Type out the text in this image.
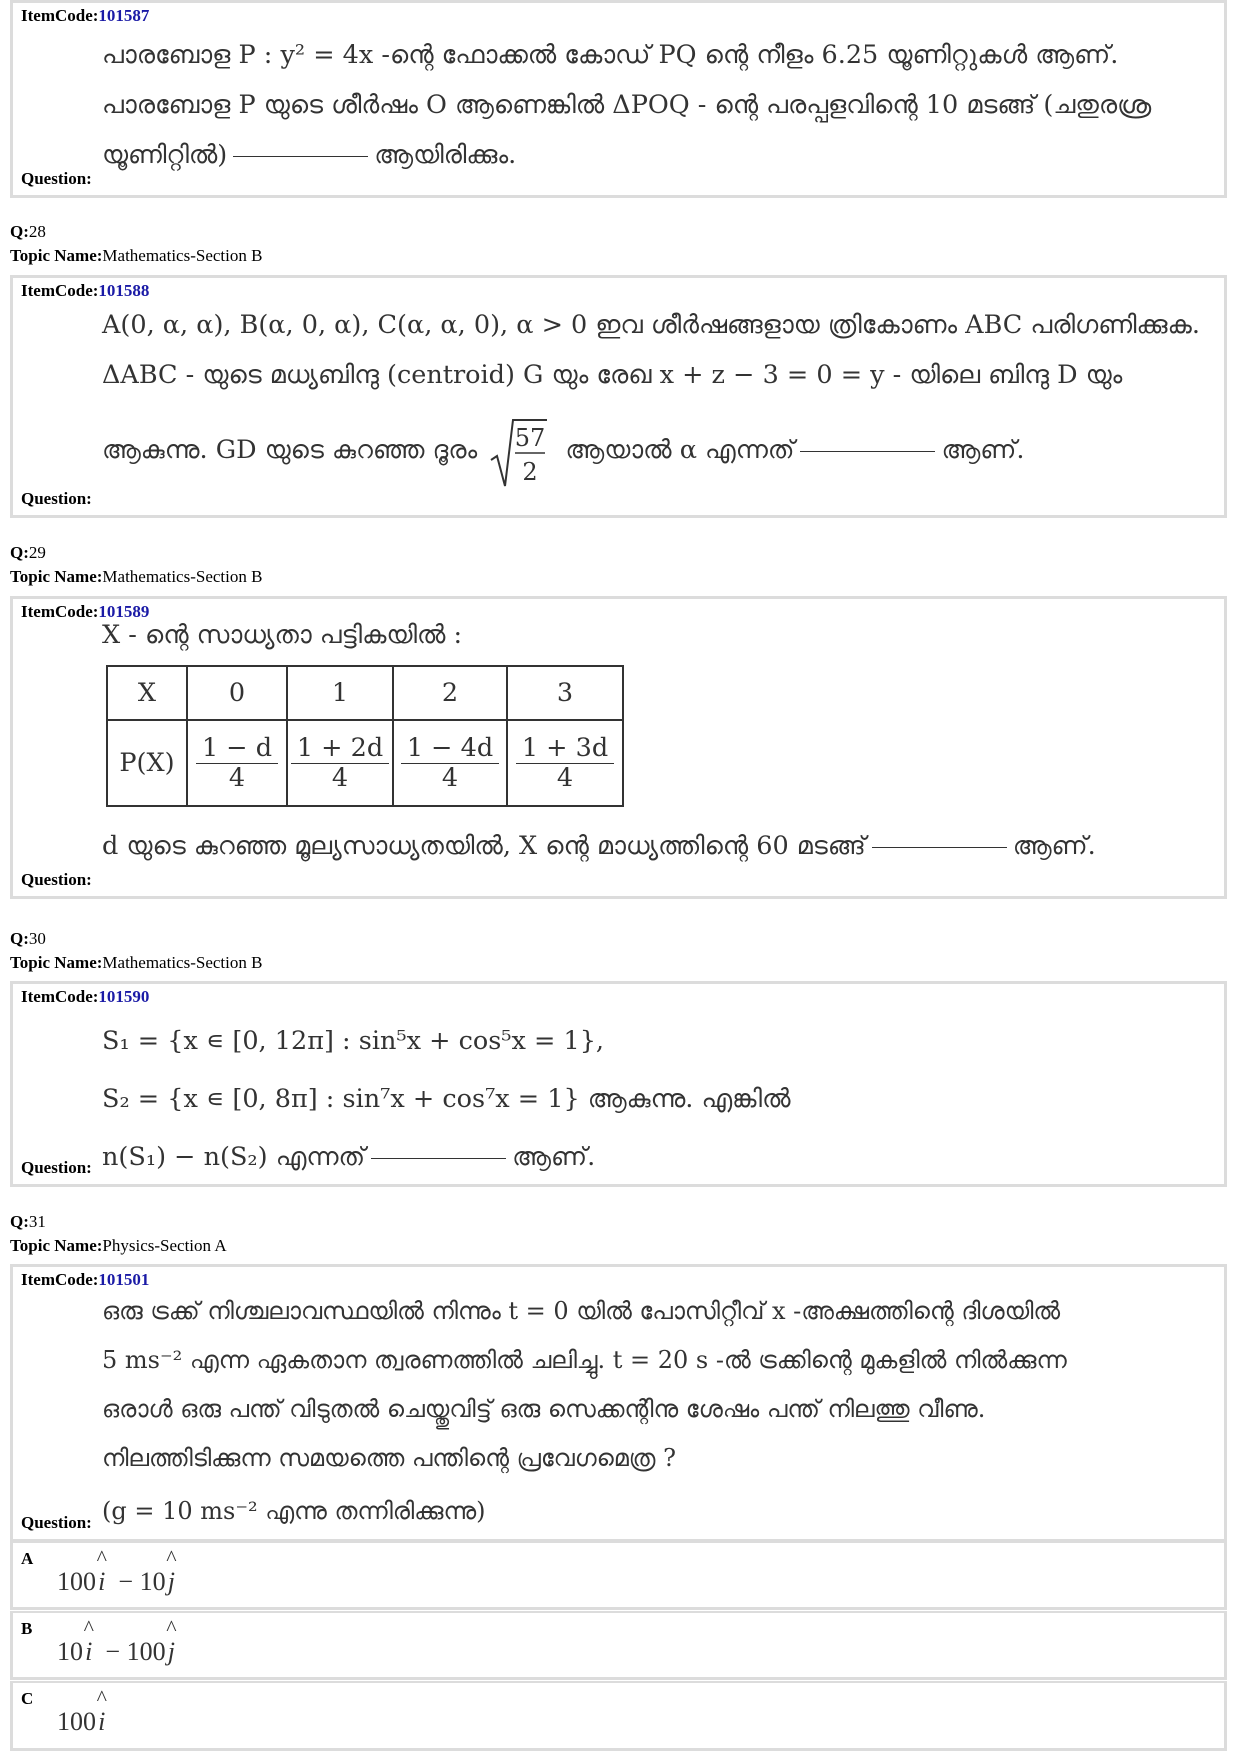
ItemCode:101587
പാരബോള P : y² = 4x -ന്റെ ഫോക്കൽ കോഡ് PQ ന്റെ നീളം 6.25 യൂണിറ്റുകൾ ആണ്.
പാരബോള P യുടെ ശീർഷം O ആണെങ്കിൽ ΔPOQ - ന്റെ പരപ്പളവിന്റെ 10 മടങ്ങ് (ചതുരശ്ര
യൂണിറ്റിൽ)	ആയിരിക്കും.
Question:
Q:28
Topic Name:Mathematics-Section B
ItemCode:101588
A(0, α, α), B(α, 0, α), C(α, α, 0), α > 0 ഇവ ശീർഷങ്ങളായ ത്രികോണം ABC പരിഗണിക്കുക.
ΔABC - യുടെ മധ്യബിന്ദു (centroid) G യും രേഖ x + z − 3 = 0 = y - യിലെ ബിന്ദു D യും
ആകുന്നു. GD യുടെ കുറഞ്ഞ ദൂരം 57
2
ആയാൽ α എന്നത്	ആണ്.
Question:
Q:29
Topic Name:Mathematics-Section B
ItemCode:101589
X - ന്റെ സാധ്യതാ പട്ടികയിൽ :
X	0	1	2	3
P(X)	$\frac{1 - d}{4}$	$\frac{1 + 2d}{4}$	$\frac{1 - 4d}{4}$	$\frac{1 + 3d}{4}$
d യുടെ കുറഞ്ഞ മൂല്യസാധ്യതയിൽ, X ന്റെ മാധ്യത്തിന്റെ 60 മടങ്ങ്	ആണ്.
Question:
Q:30
Topic Name:Mathematics-Section B
ItemCode:101590
S₁ = {x ∊ [0, 12π] : sin⁵x + cos⁵x = 1},
S₂ = {x ∊ [0, 8π] : sin⁷x + cos⁷x = 1} ആകുന്നു. എങ്കിൽ
n(S₁) − n(S₂) എന്നത്	ആണ്.
Question:
Q:31
Topic Name:Physics-Section A
ItemCode:101501
ഒരു ട്രക്ക് നിശ്ചലാവസ്ഥയിൽ നിന്നും t = 0 യിൽ പോസിറ്റീവ് x -അക്ഷത്തിന്റെ ദിശയിൽ
5 ms⁻² എന്ന ഏകതാന ത്വരണത്തിൽ ചലിച്ചു. t = 20 s -ൽ ട്രക്കിന്റെ മുകളിൽ നിൽക്കുന്ന
ഒരാൾ ഒരു പന്ത് വിടുതൽ ചെയ്തുവിട്ട് ഒരു സെക്കന്റിനു ശേഷം പന്ത് നിലത്തു വീണു.
നിലത്തിടിക്കുന്ന സമയത്തെ പന്തിന്റെ പ്രവേഗമെത്ര ?
(g = 10 ms⁻² എന്നു തന്നിരിക്കുന്നു)
Question:
A
100 ^ i − 10 ^ j
B
10 ^ i − 100 ^ j
C
100 ^ i
